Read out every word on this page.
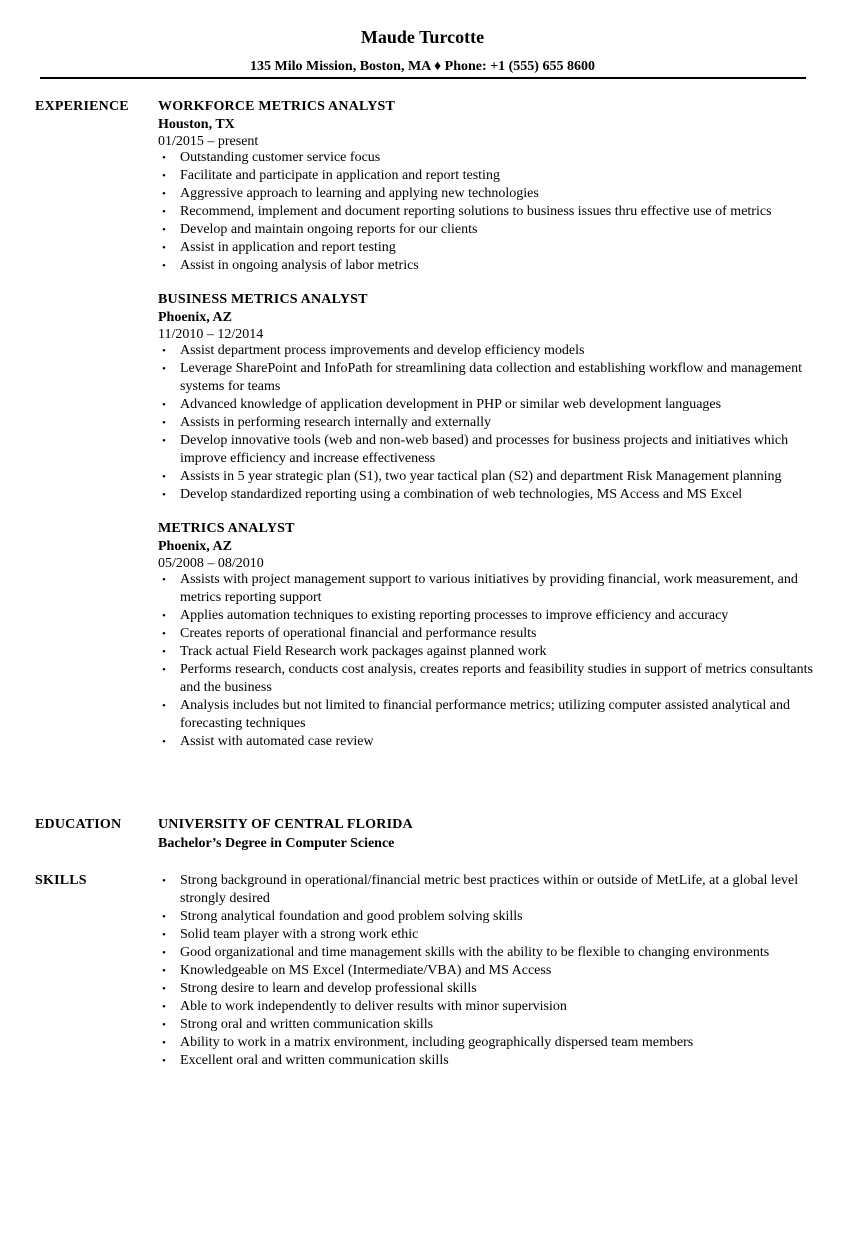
Maude Turcotte
135 Milo Mission, Boston, MA ♦ Phone: +1 (555) 655 8600
EXPERIENCE WORKFORCE METRICS ANALYST
Houston, TX
01/2015 – present
• Outstanding customer service focus
• Facilitate and participate in application and report testing
• Aggressive approach to learning and applying new technologies
• Recommend, implement and document reporting solutions to business issues thru effective use of metrics
• Develop and maintain ongoing reports for our clients
• Assist in application and report testing
• Assist in ongoing analysis of labor metrics
BUSINESS METRICS ANALYST
Phoenix, AZ
11/2010 – 12/2014
• Assist department process improvements and develop efficiency models
• Leverage SharePoint and InfoPath for streamlining data collection and establishing workflow and management systems for teams
• Advanced knowledge of application development in PHP or similar web development languages
• Assists in performing research internally and externally
• Develop innovative tools (web and non-web based) and processes for business projects and initiatives which improve efficiency and increase effectiveness
• Assists in 5 year strategic plan (S1), two year tactical plan (S2) and department Risk Management planning
• Develop standardized reporting using a combination of web technologies, MS Access and MS Excel
METRICS ANALYST
Phoenix, AZ
05/2008 – 08/2010
• Assists with project management support to various initiatives by providing financial, work measurement, and metrics reporting support
• Applies automation techniques to existing reporting processes to improve efficiency and accuracy
• Creates reports of operational financial and performance results
• Track actual Field Research work packages against planned work
• Performs research, conducts cost analysis, creates reports and feasibility studies in support of metrics consultants and the business
• Analysis includes but not limited to financial performance metrics; utilizing computer assisted analytical and forecasting techniques
• Assist with automated case review
EDUCATION	UNIVERSITY OF CENTRAL FLORIDA
Bachelor’s Degree in Computer Science
SKILLS	• Strong background in operational/financial metric best practices within or outside of MetLife, at a global level strongly desired
• Strong analytical foundation and good problem solving skills
• Solid team player with a strong work ethic
• Good organizational and time management skills with the ability to be flexible to changing environments
• Knowledgeable on MS Excel (Intermediate/VBA) and MS Access
• Strong desire to learn and develop professional skills
• Able to work independently to deliver results with minor supervision
• Strong oral and written communication skills
• Ability to work in a matrix environment, including geographically dispersed team members
• Excellent oral and written communication skills
